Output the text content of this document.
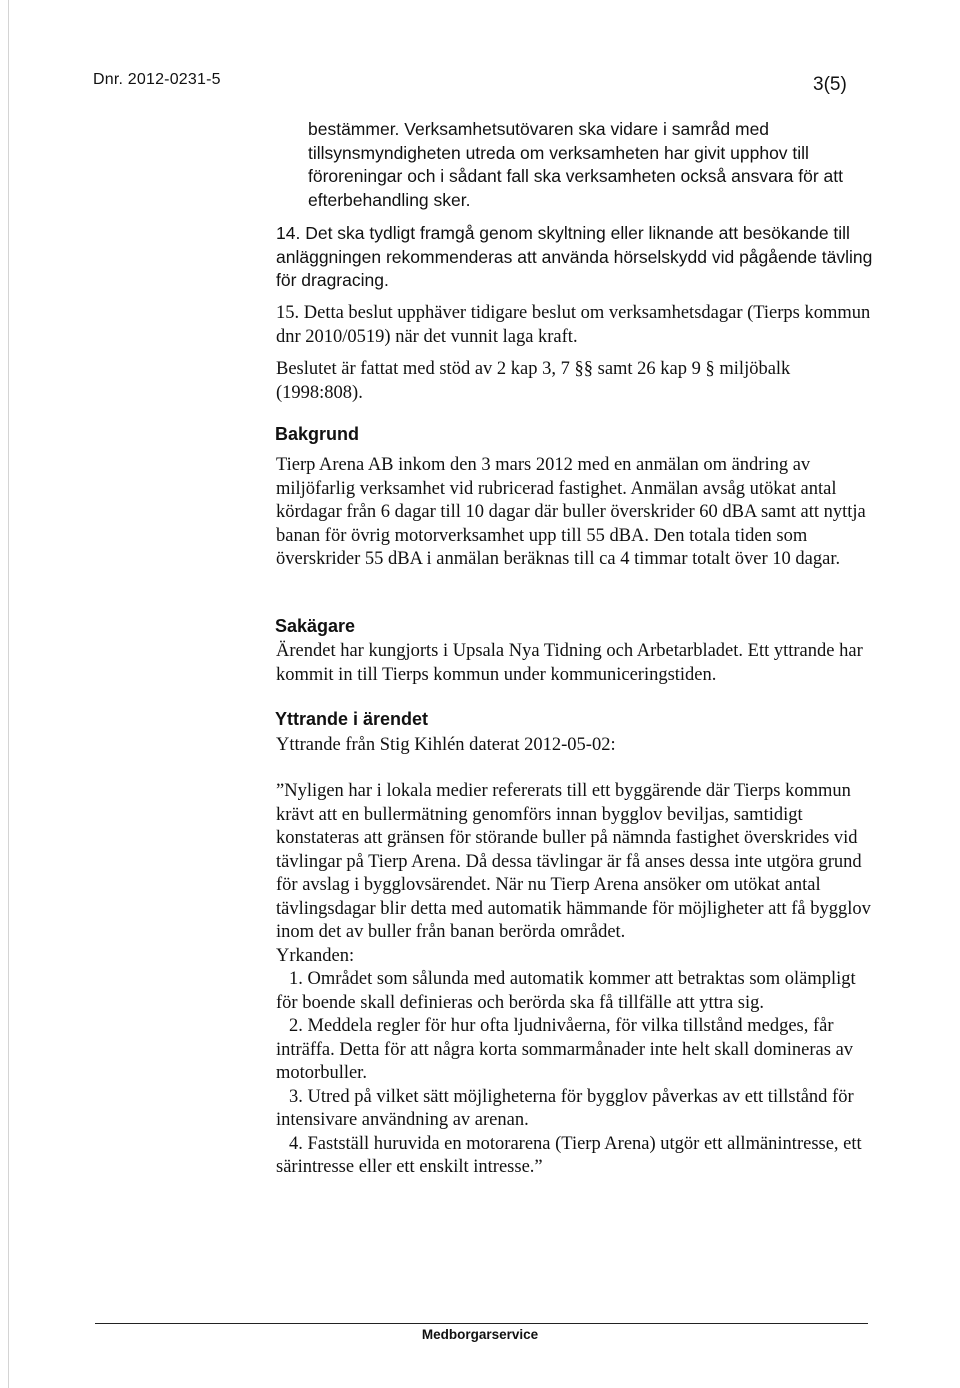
Dnr. 2012-0231-5	3(5)
bestämmer. Verksamhetsutövaren ska vidare i samråd med tillsynsmyndigheten utreda om verksamheten har givit upphov till föroreningar och i sådant fall ska verksamheten också ansvara för att efterbehandling sker.
14. Det ska tydligt framgå genom skyltning eller liknande att besökande till anläggningen rekommenderas att använda hörselskydd vid pågående tävling för dragracing.
15. Detta beslut upphäver tidigare beslut om verksamhetsdagar (Tierps kommun dnr 2010/0519) när det vunnit laga kraft.
Beslutet är fattat med stöd av 2 kap 3, 7 §§ samt 26 kap 9 § miljöbalk (1998:808).
Bakgrund
Tierp Arena AB inkom den 3 mars 2012 med en anmälan om ändring av miljöfarlig verksamhet vid rubricerad fastighet. Anmälan avsåg utökat antal kördagar från 6 dagar till 10 dagar där buller överskrider 60 dBA samt att nyttja banan för övrig motorverksamhet upp till 55 dBA. Den totala tiden som överskrider 55 dBA i anmälan beräknas till ca 4 timmar totalt över 10 dagar.
Sakägare
Ärendet har kungjorts i Upsala Nya Tidning och Arbetarbladet. Ett yttrande har kommit in till Tierps kommun under kommuniceringstiden.
Yttrande i ärendet
Yttrande från Stig Kihlén daterat 2012-05-02:

”Nyligen har i lokala medier refererats till ett byggärende där Tierps kommun krävt att en bullermätning genomförs innan bygglov beviljas, samtidigt konstateras att gränsen för störande buller på nämnda fastighet överskrides vid tävlingar på Tierp Arena. Då dessa tävlingar är få anses dessa inte utgöra grund för avslag i bygglovsärendet. När nu Tierp Arena ansöker om utökat antal tävlingsdagar blir detta med automatik hämmande för möjligheter att få bygglov inom det av buller från banan berörda området.

Yrkanden:

1. Området som sålunda med automatik kommer att betraktas som olämpligt för boende skall definieras och berörda ska få tillfälle att yttra sig.

2. Meddela regler för hur ofta ljudnivåerna, för vilka tillstånd medges, får inträffa. Detta för att några korta sommarmånader inte helt skall domineras av motorbuller.

3. Utred på vilket sätt möjligheterna för bygglov påverkas av ett tillstånd för intensivare användning av arenan.

4. Fastställ huruvida en motorarena (Tierp Arena) utgör ett allmänintresse, ett särintresse eller ett enskilt intresse.”

Medborgarservice
